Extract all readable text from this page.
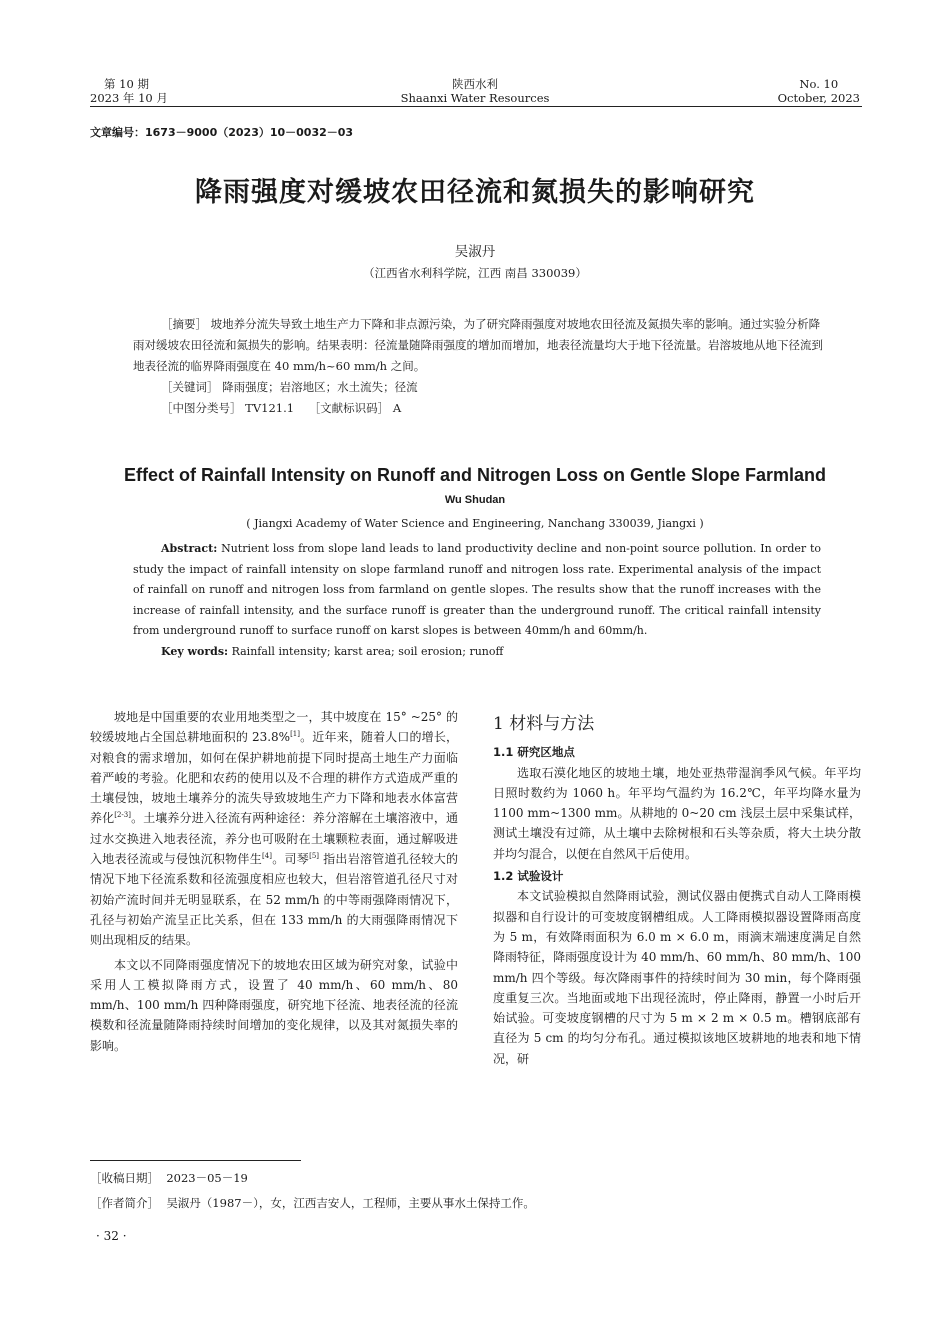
第 10 期
2023 年 10 月
陕西水利
Shaanxi Water Resources
No. 10
October, 2023
文章编号：1673－9000（2023）10－0032－03
降雨强度对缓坡农田径流和氮损失的影响研究
吴淑丹
（江西省水利科学院，江西 南昌 330039）
［摘要］ 坡地养分流失导致土地生产力下降和非点源污染，为了研究降雨强度对坡地农田径流及氮损失率的影响。通过实验分析降雨对缓坡农田径流和氮损失的影响。结果表明：径流量随降雨强度的增加而增加，地表径流量均大于地下径流量。岩溶坡地从地下径流到地表径流的临界降雨强度在 40 mm/h~60 mm/h 之间。
［关键词］ 降雨强度；岩溶地区；水土流失；径流
［中图分类号］ TV121.1 ［文献标识码］ A
Effect of Rainfall Intensity on Runoff and Nitrogen Loss on Gentle Slope Farmland
Wu Shudan
( Jiangxi Academy of Water Science and Engineering, Nanchang 330039, Jiangxi )
Abstract: Nutrient loss from slope land leads to land productivity decline and non-point source pollution. In order to study the impact of rainfall intensity on slope farmland runoff and nitrogen loss rate. Experimental analysis of the impact of rainfall on runoff and nitrogen loss from farmland on gentle slopes. The results show that the runoff increases with the increase of rainfall intensity, and the surface runoff is greater than the underground runoff. The critical rainfall intensity from underground runoff to surface runoff on karst slopes is between 40mm/h and 60mm/h.
Key words: Rainfall intensity; karst area; soil erosion; runoff

坡地是中国重要的农业用地类型之一，其中坡度在 15° ~25° 的较缓坡地占全国总耕地面积的 23.8%[1]。近年来，随着人口的增长，对粮食的需求增加，如何在保护耕地前提下同时提高土地生产力面临着严峻的考验。化肥和农药的使用以及不合理的耕作方式造成严重的土壤侵蚀，坡地土壤养分的流失导致坡地生产力下降和地表水体富营养化[2-3]。土壤养分进入径流有两种途径：养分溶解在土壤溶液中，通过水交换进入地表径流，养分也可吸附在土壤颗粒表面，通过解吸进入地表径流或与侵蚀沉积物伴生[4]。司琴[5] 指出岩溶管道孔径较大的情况下地下径流系数和径流强度相应也较大，但岩溶管道孔径尺寸对初始产流时间并无明显联系，在 52 mm/h 的中等雨强降雨情况下，孔径与初始产流呈正比关系，但在 133 mm/h 的大雨强降雨情况下则出现相反的结果。

本文以不同降雨强度情况下的坡地农田区域为研究对象，试验中采用人工模拟降雨方式，设置了 40 mm/h、60 mm/h、80 mm/h、100 mm/h 四种降雨强度，研究地下径流、地表径流的径流模数和径流量随降雨持续时间增加的变化规律，以及其对氮损失率的影响。

1 材料与方法
1.1 研究区地点

选取石漠化地区的坡地土壤，地处亚热带湿润季风气候。年平均日照时数约为 1060 h。年平均气温约为 16.2℃，年平均降水量为 1100 mm~1300 mm。从耕地的 0~20 cm 浅层土层中采集试样，测试土壤没有过筛，从土壤中去除树根和石头等杂质，将大土块分散并均匀混合，以便在自然风干后使用。

1.2 试验设计

本文试验模拟自然降雨试验，测试仪器由便携式自动人工降雨模拟器和自行设计的可变坡度钢槽组成。人工降雨模拟器设置降雨高度为 5 m，有效降雨面积为 6.0 m × 6.0 m，雨滴末端速度满足自然降雨特征，降雨强度设计为 40 mm/h、60 mm/h、80 mm/h、100 mm/h 四个等级。每次降雨事件的持续时间为 30 min，每个降雨强度重复三次。当地面或地下出现径流时，停止降雨，静置一小时后开始试验。可变坡度钢槽的尺寸为 5 m × 2 m × 0.5 m。槽钢底部有直径为 5 cm 的均匀分布孔。通过模拟该地区坡耕地的地表和地下情况，研

［收稿日期］ 2023－05－19
［作者简介］ 吴淑丹（1987－），女，江西吉安人，工程师，主要从事水土保持工作。
· 32 ·
